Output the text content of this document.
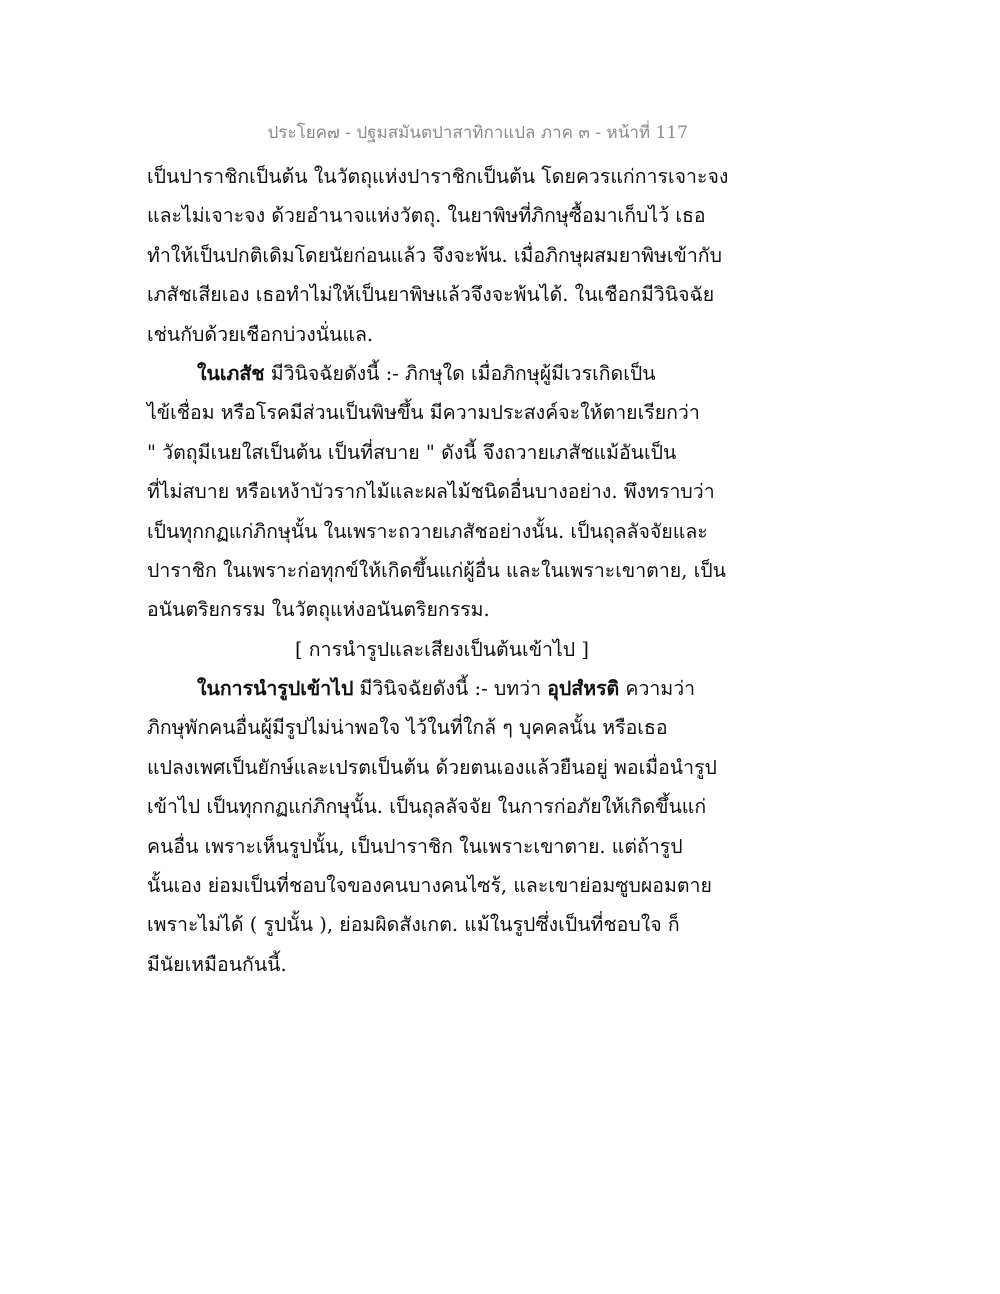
ประโยค๗ - ปฐมสมันตปาสาทิกาแปล ภาค ๓ - หน้าที่ 117
เป็นปาราชิกเป็นต้น ในวัตถุแห่งปาราชิกเป็นต้น โดยควรแก่การเจาะจง
และไม่เจาะจง ด้วยอำนาจแห่งวัตถุ. ในยาพิษที่ภิกษุซื้อมาเก็บไว้ เธอ
ทำให้เป็นปกติเดิมโดยนัยก่อนแล้ว จึงจะพ้น. เมื่อภิกษุผสมยาพิษเข้ากับ
เภสัชเสียเอง เธอทำไม่ให้เป็นยาพิษแล้วจึงจะพ้นได้. ในเชือกมีวินิจฉัย
เช่นกับด้วยเชือกบ่วงนั่นแล.
ในเภสัช มีวินิจฉัยดังนี้ :- ภิกษุใด เมื่อภิกษุผู้มีเวรเกิดเป็น
ไข้เชื่อม หรือโรคมีส่วนเป็นพิษขึ้น มีความประสงค์จะให้ตายเรียกว่า
" วัตถุมีเนยใสเป็นต้น เป็นที่สบาย " ดังนี้ จึงถวายเภสัชแม้อันเป็น
ที่ไม่สบาย หรือเหง้าบัวรากไม้และผลไม้ชนิดอื่นบางอย่าง. พึงทราบว่า
เป็นทุกกฏแก่ภิกษุนั้น ในเพราะถวายเภสัชอย่างนั้น. เป็นถุลลัจจัยและ
ปาราชิก ในเพราะก่อทุกข์ให้เกิดขึ้นแก่ผู้อื่น และในเพราะเขาตาย, เป็น
อนันตริยกรรม ในวัตถุแห่งอนันตริยกรรม.
[ การนำรูปและเสียงเป็นต้นเข้าไป ]
ในการนำรูปเข้าไป มีวินิจฉัยดังนี้ :- บทว่า อุปสํหรติ ความว่า
ภิกษุพักคนอื่นผู้มีรูปไม่น่าพอใจ ไว้ในที่ใกล้ ๆ บุคคลนั้น หรือเธอ
แปลงเพศเป็นยักษ์และเปรตเป็นต้น ด้วยตนเองแล้วยืนอยู่ พอเมื่อนำรูป
เข้าไป เป็นทุกกฏแก่ภิกษุนั้น. เป็นถุลลัจจัย ในการก่อภัยให้เกิดขึ้นแก่
คนอื่น เพราะเห็นรูปนั้น, เป็นปาราชิก ในเพราะเขาตาย. แต่ถ้ารูป
นั้นเอง ย่อมเป็นที่ชอบใจของคนบางคนไซร้, และเขาย่อมซูบผอมตาย
เพราะไม่ได้ ( รูปนั้น ), ย่อมผิดสังเกต. แม้ในรูปซึ่งเป็นที่ชอบใจ ก็
มีนัยเหมือนกันนี้.
